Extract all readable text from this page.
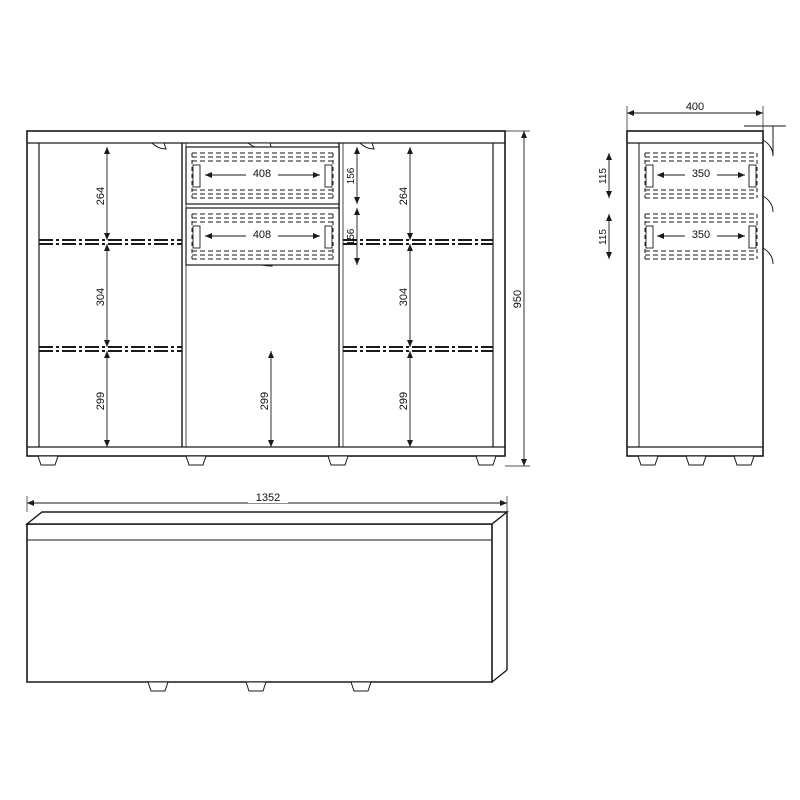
264
304
299
264
304
299
299
408
408
156
156
950
400
350
350
115
115
1352
